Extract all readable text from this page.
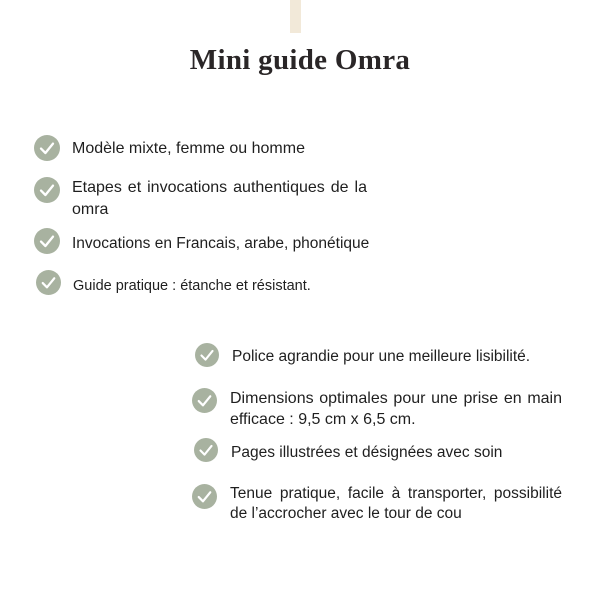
Mini guide Omra
Modèle mixte, femme ou homme
Etapes et invocations authentiques de la omra
Invocations en Francais, arabe, phonétique
Guide pratique : étanche et résistant.
Police agrandie pour une meilleure lisibilité.
Dimensions optimales pour une prise en main efficace : 9,5 cm x 6,5 cm.
Pages illustrées et désignées avec soin
Tenue pratique, facile à transporter, possibilité de l’accrocher avec le tour de cou
